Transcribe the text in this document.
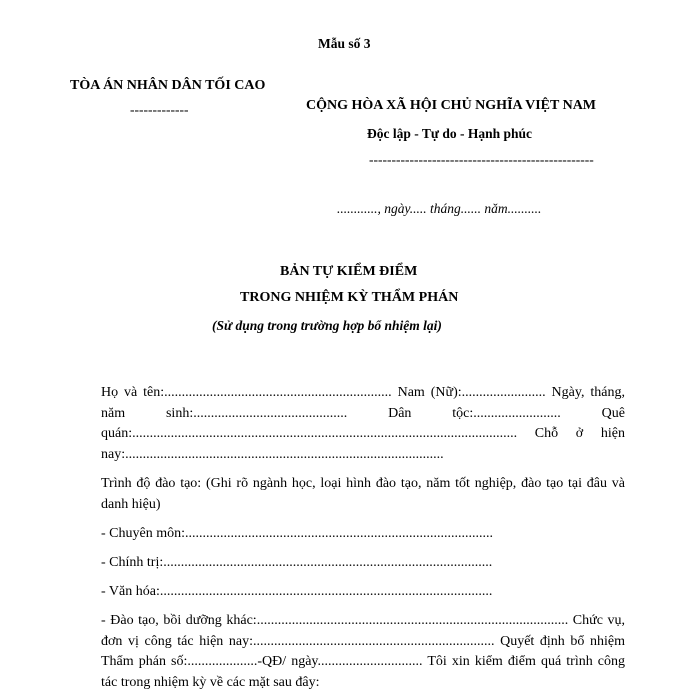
Mẫu số 3
TÒA ÁN NHÂN DÂN TỐI CAO
-------------	CỘNG HÒA XÃ HỘI CHỦ NGHĨA VIỆT NAM
Độc lập - Tự do - Hạnh phúc
--------------------------------------------------
............, ngày..... tháng...... năm..........
BẢN TỰ KIỂM ĐIỂM
TRONG NHIỆM KỲ THẨM PHÁN
(Sử dụng trong trường hợp bổ nhiệm lại)
Họ và tên:................................................................. Nam (Nữ):........................ Ngày, tháng, năm sinh:............................................ Dân tộc:......................... Quê quán:.............................................................................................................. Chỗ ở hiện nay:...........................................................................................
Trình độ đào tạo: (Ghi rõ ngành học, loại hình đào tạo, năm tốt nghiệp, đào tạo tại đâu và danh hiệu)
- Chuyên môn:........................................................................................
- Chính trị:..............................................................................................
- Văn hóa:...............................................................................................
- Đào tạo, bồi dưỡng khác:......................................................................................... Chức vụ, đơn vị công tác hiện nay:..................................................................... Quyết định bổ nhiệm Thẩm phán số:....................-QĐ/ ngày.............................. Tôi xin kiểm điểm quá trình công tác trong nhiệm kỳ về các mặt sau đây:
